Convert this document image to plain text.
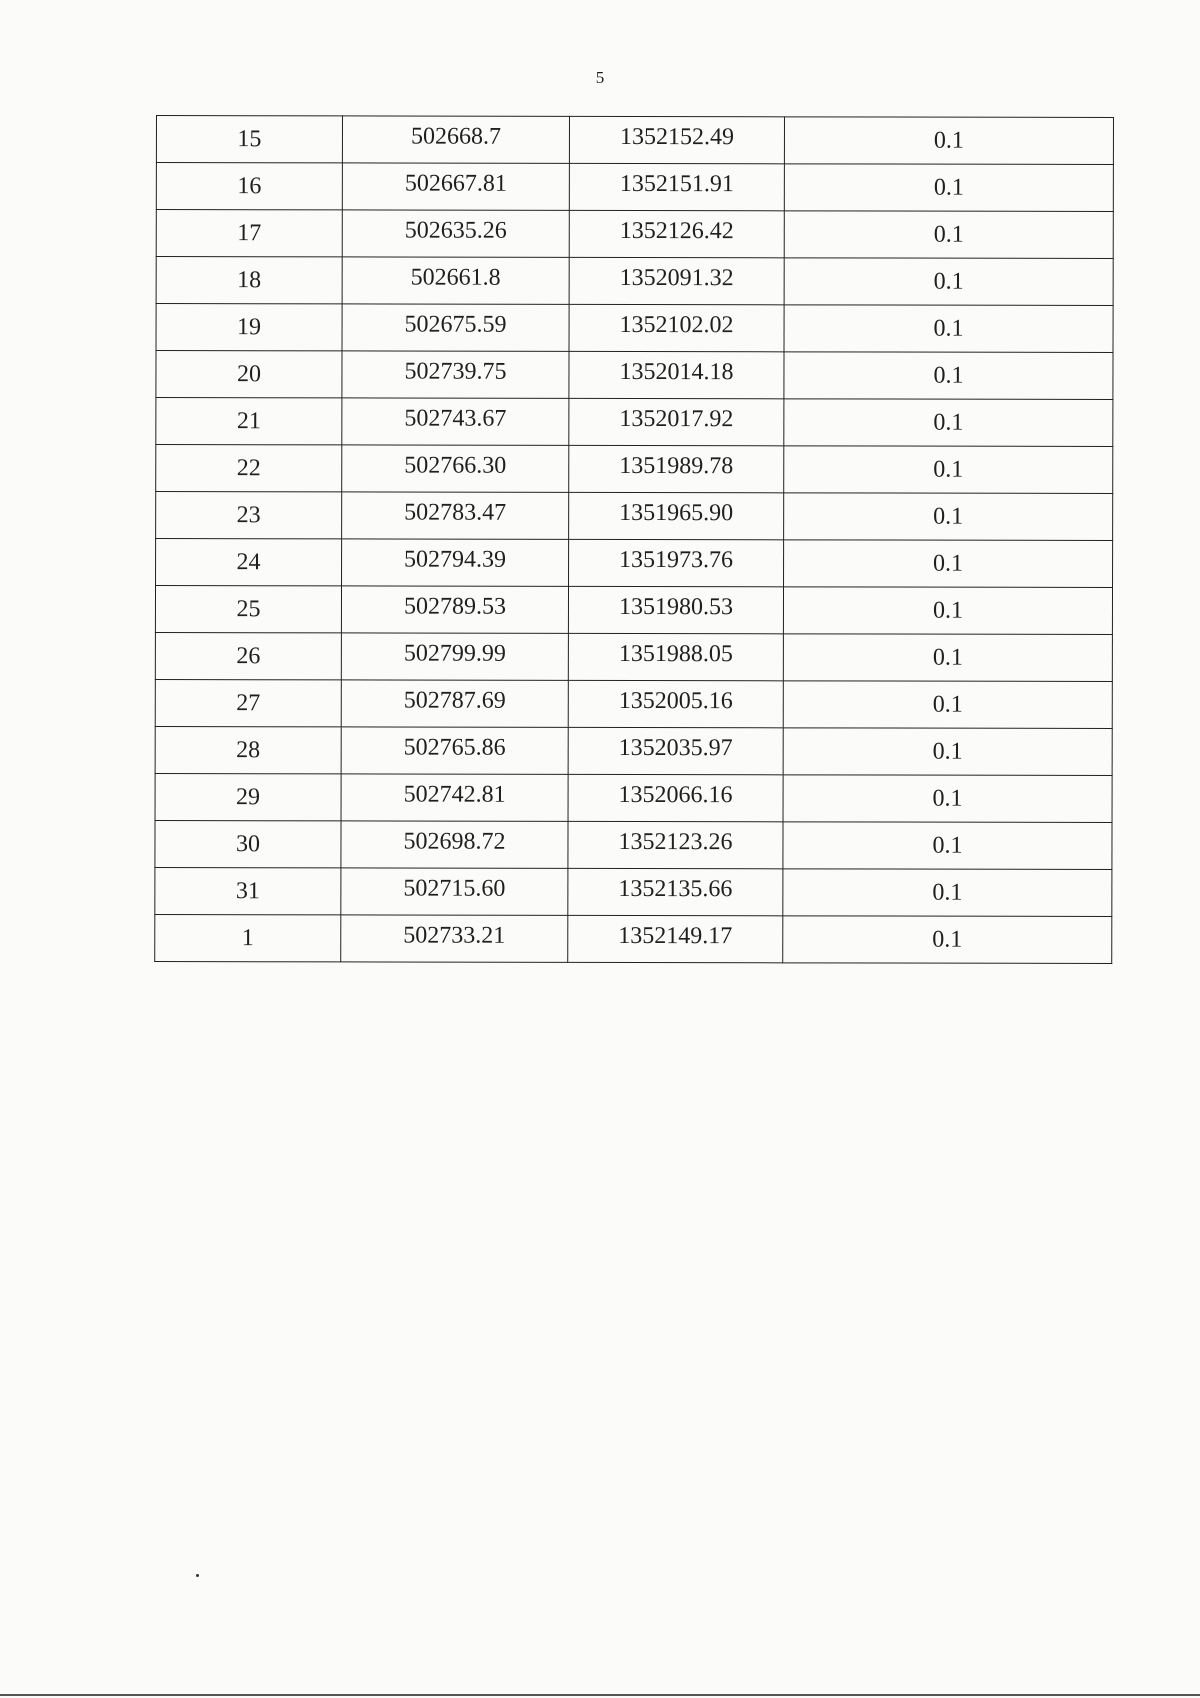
5
15	502668.7	1352152.49	0.1
16	502667.81	1352151.91	0.1
17	502635.26	1352126.42	0.1
18	502661.8	1352091.32	0.1
19	502675.59	1352102.02	0.1
20	502739.75	1352014.18	0.1
21	502743.67	1352017.92	0.1
22	502766.30	1351989.78	0.1
23	502783.47	1351965.90	0.1
24	502794.39	1351973.76	0.1
25	502789.53	1351980.53	0.1
26	502799.99	1351988.05	0.1
27	502787.69	1352005.16	0.1
28	502765.86	1352035.97	0.1
29	502742.81	1352066.16	0.1
30	502698.72	1352123.26	0.1
31	502715.60	1352135.66	0.1
1	502733.21	1352149.17	0.1
